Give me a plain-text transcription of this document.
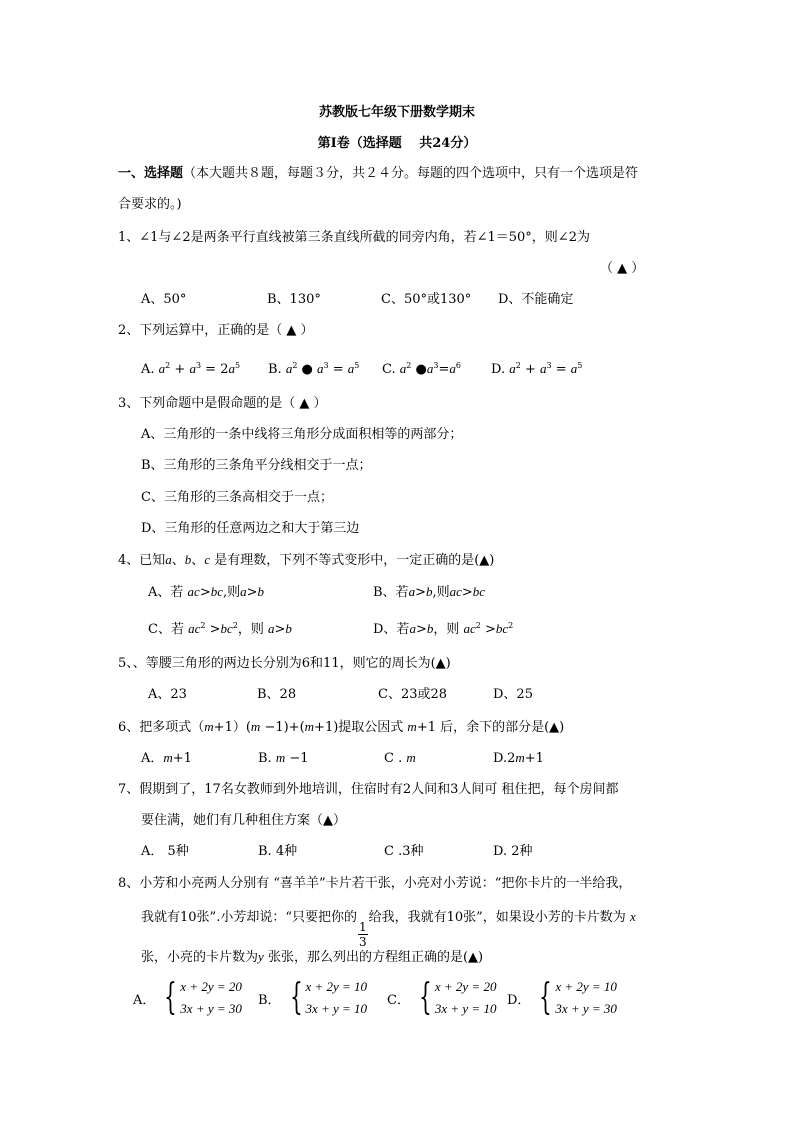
苏教版七年级下册数学期末
第Ⅰ卷（选择题　 共24分）
一、选择题（本大题共８题，每题３分，共２４分。每题的四个选项中，只有一个选项是符
合要求的。)
1、∠1与∠2是两条平行直线被第三条直线所截的同旁内角，若∠1＝50°，则∠2为
（ ▲ ）
A、50°	B、130°	C、50°或130° D、不能确定
2、下列运算中，正确的是（ ▲ ）
A. $a^2 + a^3 = 2a^5$ B. $a^2$ ● $a^3 = a^5$ C. $a^2$ $●a^3=a^6$ D. $a^2 + a^3 = a^5$
3、下列命题中是假命题的是（ ▲ ）
A、三角形的一条中线将三角形分成面积相等的两部分；
B、三角形的三条角平分线相交于一点；
C、三角形的三条高相交于一点；
D、三角形的任意两边之和大于第三边
4、已知a、b、c 是有理数，下列不等式变形中，一定正确的是(▲)
A、若 ac>bc,则a>b	B、若a>b,则ac>bc
C、若 $ac^2 >bc^2$，则 a>b	D、若a>b，则 $ac^2 >bc^2$
5、、等腰三角形的两边长分别为6和11，则它的周长为(▲)
A、23	B、28	C、23或28	D、25
6、把多项式（m+1）(m −1)+(m+1)提取公因式 m+1 后，余下的部分是(▲)
A．m+1	B. m −1	C . m	D.2m+1
7、假期到了，17名女教师到外地培训，住宿时有2人间和3人间可 租住把，每个房间都
要住满，她们有几种租住方案（▲）
A． 5种	B. 4种	C .3种	D. 2种
8、小芳和小亮两人分别有 “喜羊羊”卡片若干张，小亮对小芳说：“把你卡片的一半给我，
我就有10张”.小芳却说：“只要把你的
$\frac{1}{3}$
给我，我就有10张”，如果设小芳的卡片数为 x
张，小亮的卡片数为y 张张，那么列出的方程组正确的是(▲)
A． { x + 2y = 20
3x + y = 30
B． { x + 2y = 10
3x + y = 10
C． { x + 2y = 20
3x + y = 10
D． { x + 2y = 10
3x + y = 30
